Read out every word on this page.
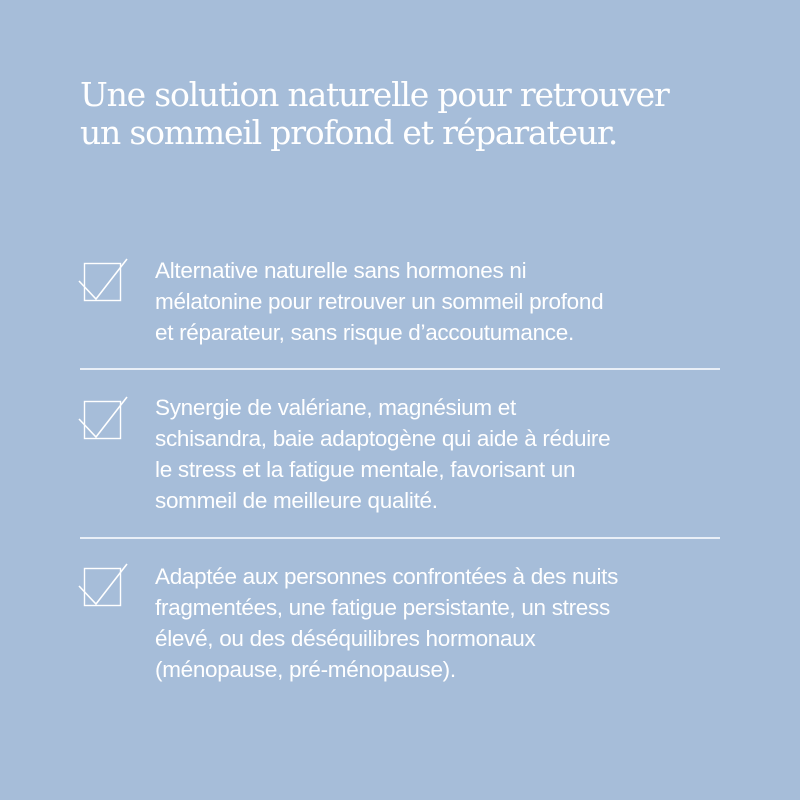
Une solution naturelle pour retrouver
un sommeil profond et réparateur.

Alternative naturelle sans hormones ni
mélatonine pour retrouver un sommeil profond
et réparateur, sans risque d’accoutumance.

Synergie de valériane, magnésium et
schisandra, baie adaptogène qui aide à réduire
le stress et la fatigue mentale, favorisant un
sommeil de meilleure qualité.

Adaptée aux personnes confrontées à des nuits
fragmentées, une fatigue persistante, un stress
élevé, ou des déséquilibres hormonaux
(ménopause, pré-ménopause).
